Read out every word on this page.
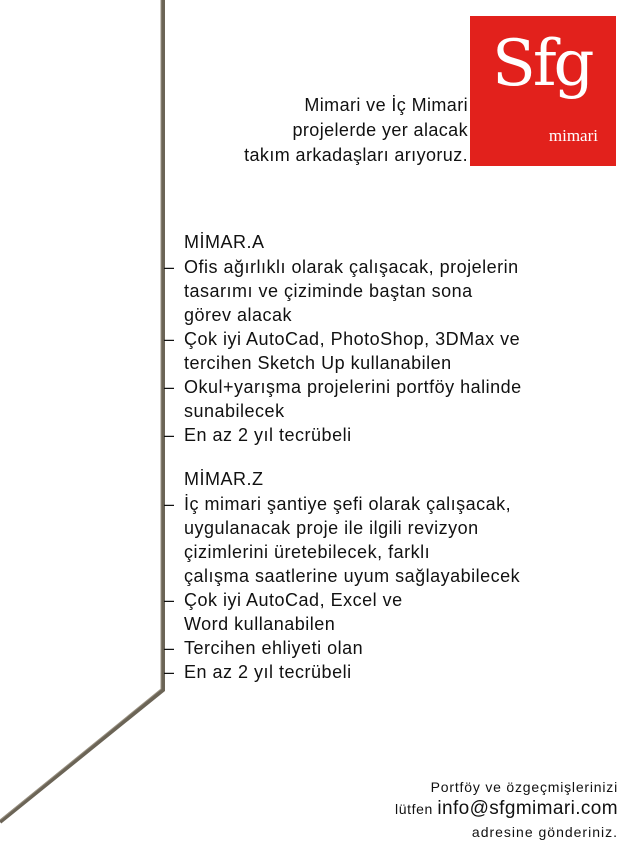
Sfg
mimari
Mimari ve İç Mimari
projelerde yer alacak
takım arkadaşları arıyoruz.
MİMAR.A
– Ofis ağırlıklı olarak çalışacak, projelerin
tasarımı ve çiziminde baştan sona
görev alacak
– Çok iyi AutoCad, PhotoShop, 3DMax ve
tercihen Sketch Up kullanabilen
– Okul+yarışma projelerini portföy halinde
sunabilecek
– En az 2 yıl tecrübeli
MİMAR.Z
– İç mimari şantiye şefi olarak çalışacak,
uygulanacak proje ile ilgili revizyon
çizimlerini üretebilecek, farklı
çalışma saatlerine uyum sağlayabilecek
– Çok iyi AutoCad, Excel ve
Word kullanabilen
– Tercihen ehliyeti olan
– En az 2 yıl tecrübeli
Portföy ve özgeçmişlerinizi
lütfen info@sfgmimari.com
adresine gönderiniz.
